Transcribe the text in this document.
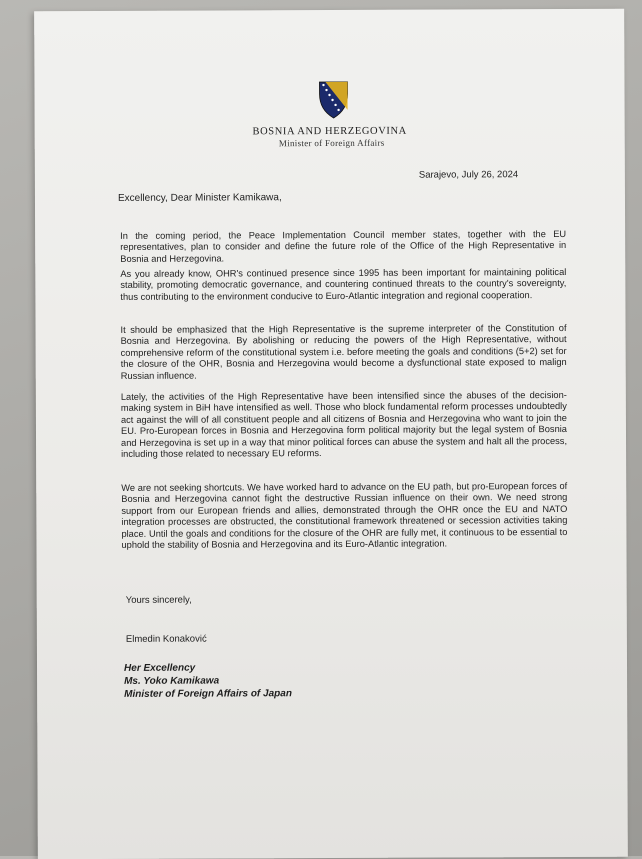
BOSNIA AND HERZEGOVINA
Minister of Foreign Affairs
Sarajevo, July 26, 2024
Excellency, Dear Minister Kamikawa,

In the coming period, the Peace Implementation Council member states, together with the EU representatives, plan to consider and define the future role of the Office of the High Representative in Bosnia and Herzegovina.

As you already know, OHR's continued presence since 1995 has been important for maintaining political stability, promoting democratic governance, and countering continued threats to the country's sovereignty, thus contributing to the environment conducive to Euro-Atlantic integration and regional cooperation.

It should be emphasized that the High Representative is the supreme interpreter of the Constitution of Bosnia and Herzegovina. By abolishing or reducing the powers of the High Representative, without comprehensive reform of the constitutional system i.e. before meeting the goals and conditions (5+2) set for the closure of the OHR, Bosnia and Herzegovina would become a dysfunctional state exposed to malign Russian influence.

Lately, the activities of the High Representative have been intensified since the abuses of the decision-making system in BiH have intensified as well. Those who block fundamental reform processes undoubtedly act against the will of all constituent people and all citizens of Bosnia and Herzegovina who want to join the EU. Pro-European forces in Bosnia and Herzegovina form political majority but the legal system of Bosnia and Herzegovina is set up in a way that minor political forces can abuse the system and halt all the process, including those related to necessary EU reforms.

We are not seeking shortcuts. We have worked hard to advance on the EU path, but pro-European forces of Bosnia and Herzegovina cannot fight the destructive Russian influence on their own. We need strong support from our European friends and allies, demonstrated through the OHR once the EU and NATO integration processes are obstructed, the constitutional framework threatened or secession activities taking place. Until the goals and conditions for the closure of the OHR are fully met, it continuous to be essential to uphold the stability of Bosnia and Herzegovina and its Euro-Atlantic integration.

Yours sincerely,
Elmedin Konaković
Her Excellency
Ms. Yoko Kamikawa
Minister of Foreign Affairs of Japan
